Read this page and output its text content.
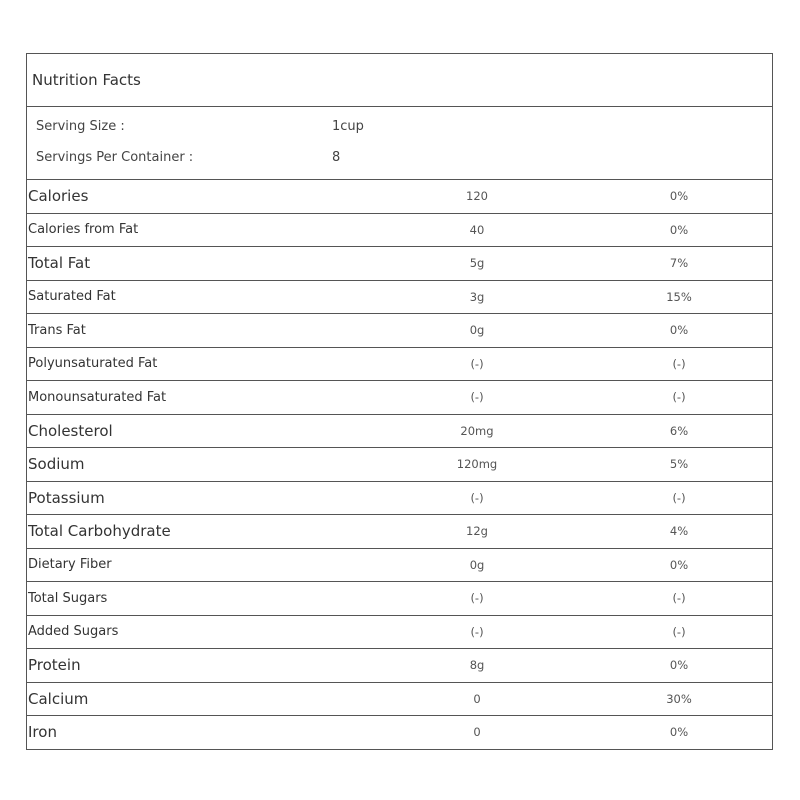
Nutrition Facts
Serving Size :	1cup
Servings Per Container :	8
Calories	120	0%
Calories from Fat	40	0%
Total Fat	5g	7%
Saturated Fat	3g	15%
Trans Fat	0g	0%
Polyunsaturated Fat	(-)	(-)
Monounsaturated Fat	(-)	(-)
Cholesterol	20mg	6%
Sodium	120mg	5%
Potassium	(-)	(-)
Total Carbohydrate	12g	4%
Dietary Fiber	0g	0%
Total Sugars	(-)	(-)
Added Sugars	(-)	(-)
Protein	8g	0%
Calcium	0	30%
Iron	0	0%
